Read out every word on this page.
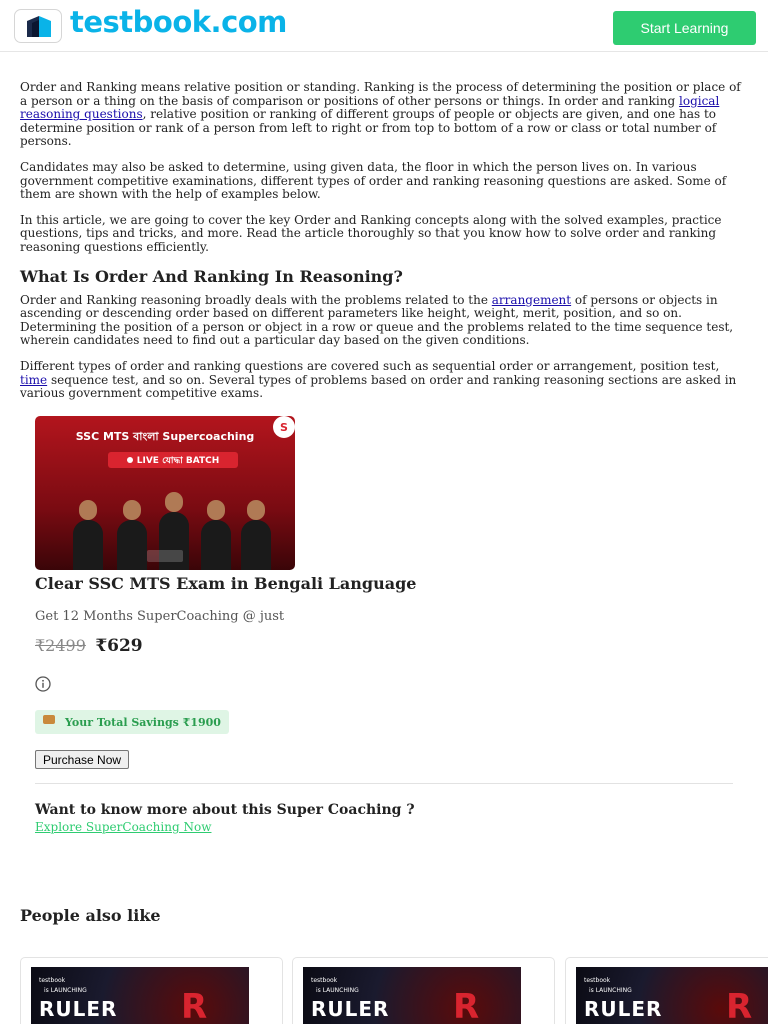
testbook.com	Start Learning

Order and Ranking means relative position or standing. Ranking is the process of determining the position or place of a person or a thing on the basis of comparison or positions of other persons or things. In order and ranking logical reasoning questions, relative position or ranking of different groups of people or objects are given, and one has to determine position or rank of a person from left to right or from top to bottom of a row or class or total number of persons.

Candidates may also be asked to determine, using given data, the floor in which the person lives on. In various government competitive examinations, different types of order and ranking reasoning questions are asked. Some of them are shown with the help of examples below.

In this article, we are going to cover the key Order and Ranking concepts along with the solved examples, practice questions, tips and tricks, and more. Read the article thoroughly so that you know how to solve order and ranking reasoning questions efficiently.

What Is Order And Ranking In Reasoning?

Order and Ranking reasoning broadly deals with the problems related to the arrangement of persons or objects in ascending or descending order based on different parameters like height, weight, merit, position, and so on. Determining the position of a person or object in a row or queue and the problems related to the time sequence test, wherein candidates need to find out a particular day based on the given conditions.

Different types of order and ranking questions are covered such as sequential order or arrangement, position test, time sequence test, and so on. Several types of problems based on order and ranking reasoning sections are asked in various government competitive exams.

SSC MTS বাংলা Supercoaching
LIVE যোদ্ধা BATCH
S
Clear SSC MTS Exam in Bengali Language
Get 12 Months SuperCoaching @ just
₹2499 ₹629
Your Total Savings ₹1900
Purchase Now
Want to know more about this Super Coaching ?
Explore SuperCoaching Now
People also like
testbook
is LAUNCHING
RULER R
testbook
is LAUNCHING
RULER R
testbook
is LAUNCHING
RULER R
